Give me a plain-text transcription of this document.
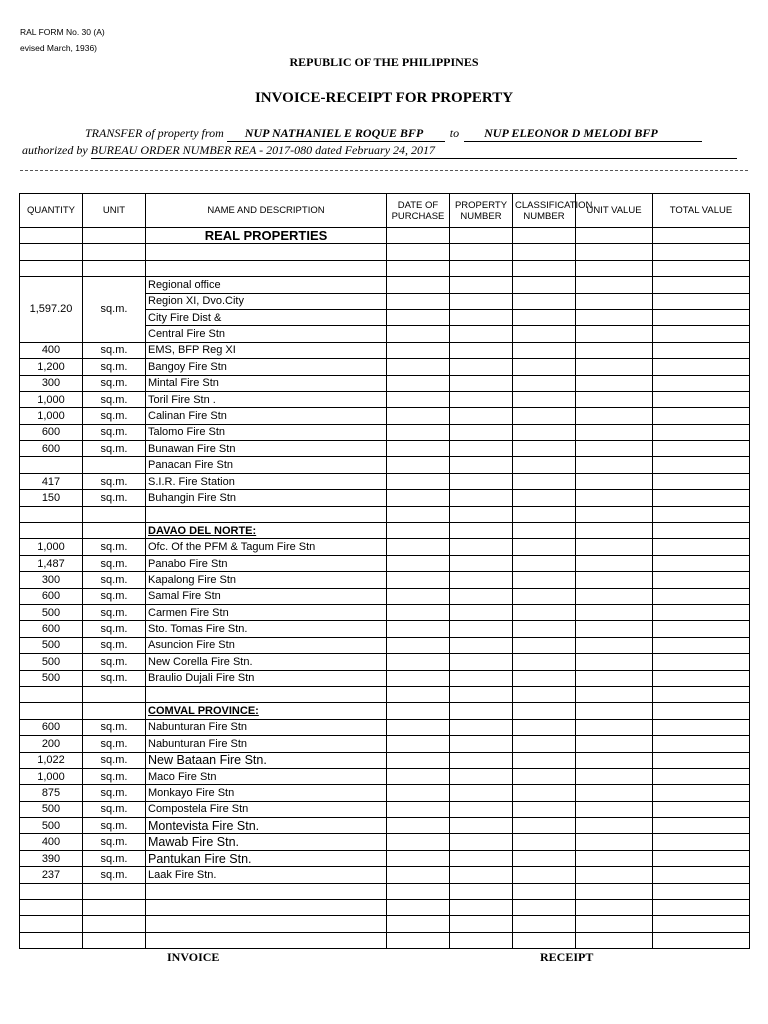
RAL FORM No. 30 (A)
evised March, 1936)
REPUBLIC OF THE PHILIPPINES
INVOICE-RECEIPT FOR PROPERTY
TRANSFER of property from NUP NATHANIEL E ROQUE BFP to NUP ELEONOR D MELODI BFP
authorized by BUREAU ORDER NUMBER REA - 2017-080 dated February 24, 2017
QUANTITY	UNIT	NAME AND DESCRIPTION	DATE OF PURCHASE	PROPERTY NUMBER	CLASSIFICATION NUMBER	UNIT VALUE	TOTAL VALUE
		REAL PROPERTIES					

1,597.20	sq.m.	Regional office					
		Region XI, Dvo.City					
		City Fire Dist &					
		Central Fire Stn					
400	sq.m.	EMS, BFP Reg XI					
1,200	sq.m.	Bangoy Fire Stn					
300	sq.m.	Mintal Fire Stn					
1,000	sq.m.	Toril Fire Stn .					
1,000	sq.m.	Calinan Fire Stn					
600	sq.m.	Talomo Fire Stn					
600	sq.m.	Bunawan Fire Stn					
		Panacan Fire Stn					
417	sq.m.	S.I.R. Fire Station					
150	sq.m.	Buhangin Fire Stn					

		DAVAO DEL NORTE:					
1,000	sq.m.	Ofc. Of the PFM & Tagum Fire Stn					
1,487	sq.m.	Panabo Fire Stn					
300	sq.m.	Kapalong Fire Stn					
600	sq.m.	Samal Fire Stn					
500	sq.m.	Carmen Fire Stn					
600	sq.m.	Sto. Tomas Fire Stn.					
500	sq.m.	Asuncion Fire Stn					
500	sq.m.	New Corella Fire Stn.					
500	sq.m.	Braulio Dujali Fire Stn					

		COMVAL PROVINCE:					
600	sq.m.	Nabunturan Fire Stn					
200	sq.m.	Nabunturan Fire Stn					
1,022	sq.m.	New Bataan Fire Stn.					
1,000	sq.m.	Maco Fire Stn					
875	sq.m.	Monkayo Fire Stn					
500	sq.m.	Compostela Fire Stn					
500	sq.m.	Montevista Fire Stn.					
400	sq.m.	Mawab Fire Stn.					
390	sq.m.	Pantukan Fire Stn.					
237	sq.m.	Laak Fire Stn.					

INVOICE	RECEIPT
